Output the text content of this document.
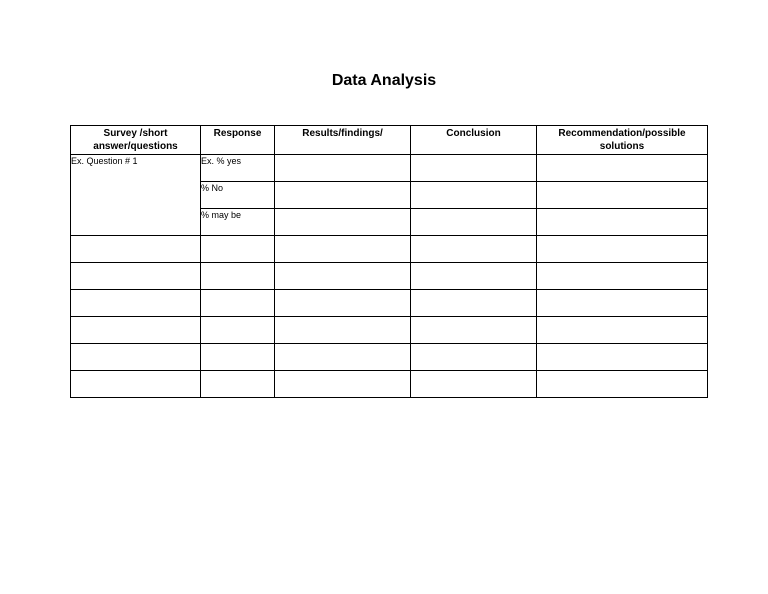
Data Analysis
Survey /short answer/questions	Response	Results/findings/	Conclusion	Recommendation/possible solutions

Ex. Question # 1	Ex. % yes			
	% No			
	% may be			
